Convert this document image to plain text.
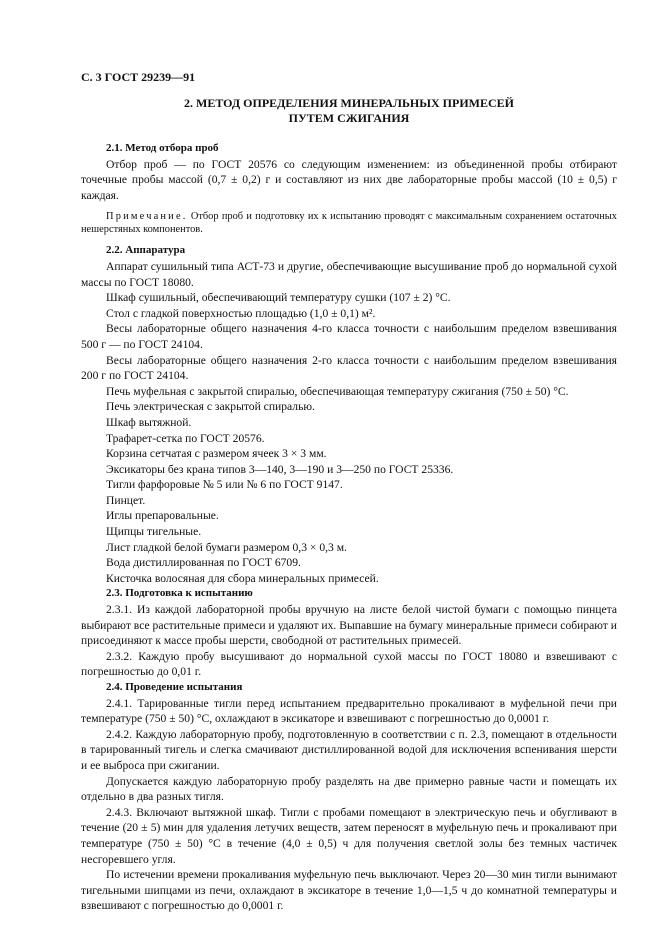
С. 3 ГОСТ 29239—91
2. МЕТОД ОПРЕДЕЛЕНИЯ МИНЕРАЛЬНЫХ ПРИМЕСЕЙ
ПУТЕМ СЖИГАНИЯ

2.1. Метод отбора проб

Отбор проб — по ГОСТ 20576 со следующим изменением: из объединенной пробы отбирают точечные пробы массой (0,7 ± 0,2) г и составляют из них две лабораторные пробы массой (10 ± 0,5) г каждая.

Примечание. Отбор проб и подготовку их к испытанию проводят с максимальным сохранением остаточных нешерстяных компонентов.

2.2. Аппаратура

Аппарат сушильный типа АСТ-73 и другие, обеспечивающие высушивание проб до нормальной сухой массы по ГОСТ 18080.

Шкаф сушильный, обеспечивающий температуру сушки (107 ± 2) °С.

Стол с гладкой поверхностью площадью (1,0 ± 0,1) м².

Весы лабораторные общего назначения 4-го класса точности с наибольшим пределом взвешивания 500 г — по ГОСТ 24104.

Весы лабораторные общего назначения 2-го класса точности с наибольшим пределом взвешивания 200 г по ГОСТ 24104.

Печь муфельная с закрытой спиралью, обеспечивающая температуру сжигания (750 ± 50) °С.

Печь электрическая с закрытой спиралью.

Шкаф вытяжной.

Трафарет-сетка по ГОСТ 20576.

Корзина сетчатая с размером ячеек 3 × 3 мм.

Эксикаторы без крана типов 3—140, 3—190 и 3—250 по ГОСТ 25336.

Тигли фарфоровые № 5 или № 6 по ГОСТ 9147.

Пинцет.

Иглы препаровальные.

Щипцы тигельные.

Лист гладкой белой бумаги размером 0,3 × 0,3 м.

Вода дистиллированная по ГОСТ 6709.

Кисточка волосяная для сбора минеральных примесей.

2.3. Подготовка к испытанию

2.3.1. Из каждой лабораторной пробы вручную на листе белой чистой бумаги с помощью пинцета выбирают все растительные примеси и удаляют их. Выпавшие на бумагу минеральные примеси собирают и присоединяют к массе пробы шерсти, свободной от растительных примесей.

2.3.2. Каждую пробу высушивают до нормальной сухой массы по ГОСТ 18080 и взвешивают с погрешностью до 0,01 г.

2.4. Проведение испытания

2.4.1. Тарированные тигли перед испытанием предварительно прокаливают в муфельной печи при температуре (750 ± 50) °С, охлаждают в эксикаторе и взвешивают с погрешностью до 0,0001 г.

2.4.2. Каждую лабораторную пробу, подготовленную в соответствии с п. 2.3, помещают в отдельности в тарированный тигель и слегка смачивают дистиллированной водой для исключения вспенивания шерсти и ее выброса при сжигании.

Допускается каждую лабораторную пробу разделять на две примерно равные части и помещать их отдельно в два разных тигля.

2.4.3. Включают вытяжной шкаф. Тигли с пробами помещают в электрическую печь и обугливают в течение (20 ± 5) мин для удаления летучих веществ, затем переносят в муфельную печь и прокаливают при температуре (750 ± 50) °С в течение (4,0 ± 0,5) ч для получения светлой золы без темных частичек несгоревшего угля.

По истечении времени прокаливания муфельную печь выключают. Через 20—30 мин тигли вынимают тигельными шипцами из печи, охлаждают в эксикаторе в течение 1,0—1,5 ч до комнатной температуры и взвешивают с погрешностью до 0,0001 г.
